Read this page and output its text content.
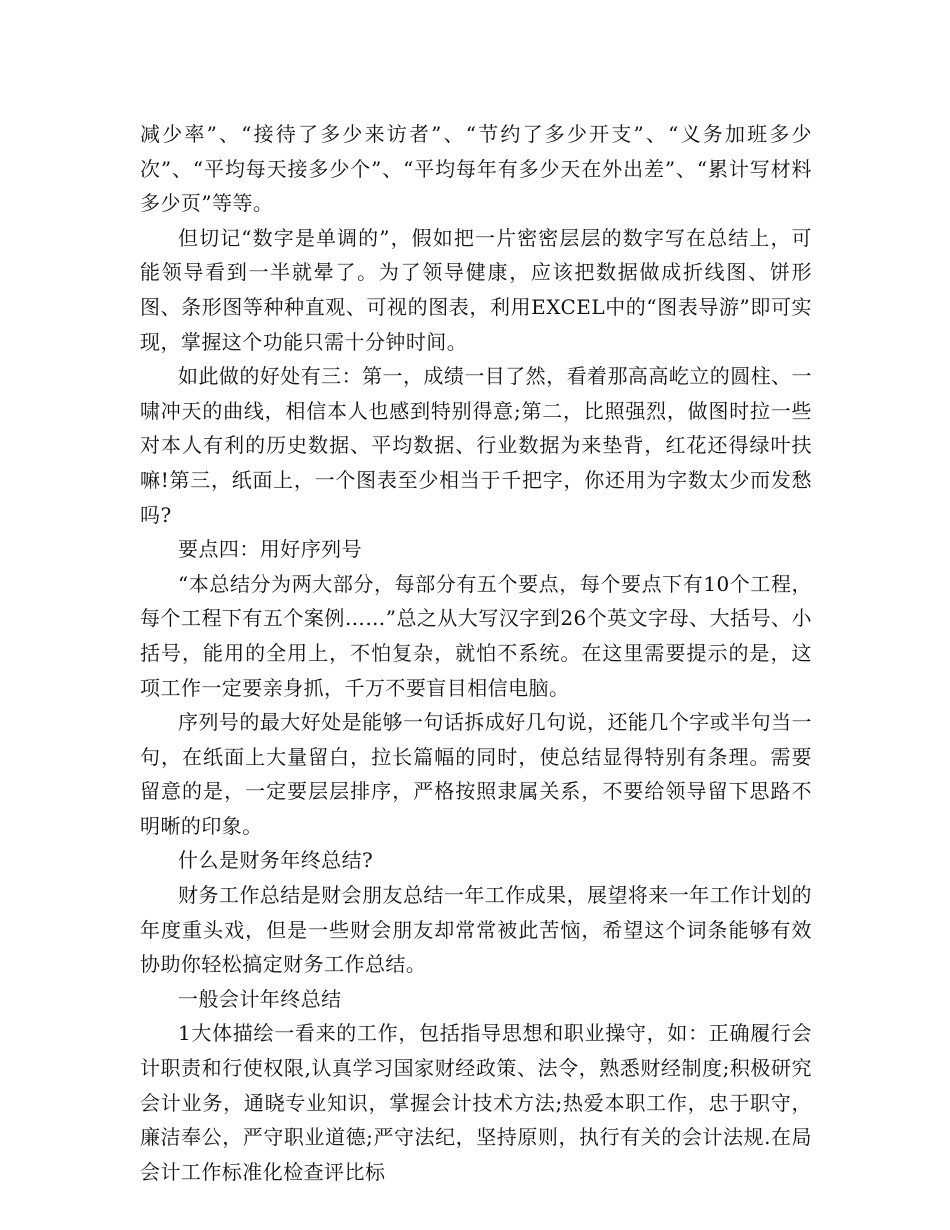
减少率”、“接待了多少来访者”、“节约了多少开支”、“义务加班多少次”、“平均每天接多少个”、“平均每年有多少天在外出差”、“累计写材料多少页”等等。

但切记“数字是单调的”，假如把一片密密层层的数字写在总结上，可能领导看到一半就晕了。为了领导健康，应该把数据做成折线图、饼形图、条形图等种种直观、可视的图表，利用EXCEL中的“图表导游”即可实现，掌握这个功能只需十分钟时间。

如此做的好处有三：第一，成绩一目了然，看着那高高屹立的圆柱、一啸冲天的曲线，相信本人也感到特别得意;第二，比照强烈，做图时拉一些对本人有利的历史数据、平均数据、行业数据为来垫背，红花还得绿叶扶嘛!第三，纸面上，一个图表至少相当于千把字，你还用为字数太少而发愁吗?

要点四：用好序列号

“本总结分为两大部分，每部分有五个要点，每个要点下有10个工程，每个工程下有五个案例……”总之从大写汉字到26个英文字母、大括号、小括号，能用的全用上，不怕复杂，就怕不系统。在这里需要提示的是，这项工作一定要亲身抓，千万不要盲目相信电脑。

序列号的最大好处是能够一句话拆成好几句说，还能几个字或半句当一句，在纸面上大量留白，拉长篇幅的同时，使总结显得特别有条理。需要留意的是，一定要层层排序，严格按照隶属关系，不要给领导留下思路不明晰的印象。

什么是财务年终总结?

财务工作总结是财会朋友总结一年工作成果，展望将来一年工作计划的年度重头戏，但是一些财会朋友却常常被此苦恼，希望这个词条能够有效协助你轻松搞定财务工作总结。

一般会计年终总结

1大体描绘一看来的工作，包括指导思想和职业操守，如：正确履行会计职责和行使权限,认真学习国家财经政策、法令，熟悉财经制度;积极研究会计业务，通晓专业知识，掌握会计技术方法;热爱本职工作，忠于职守，廉洁奉公，严守职业道德;严守法纪，坚持原则，执行有关的会计法规.在局会计工作标准化检查评比标
